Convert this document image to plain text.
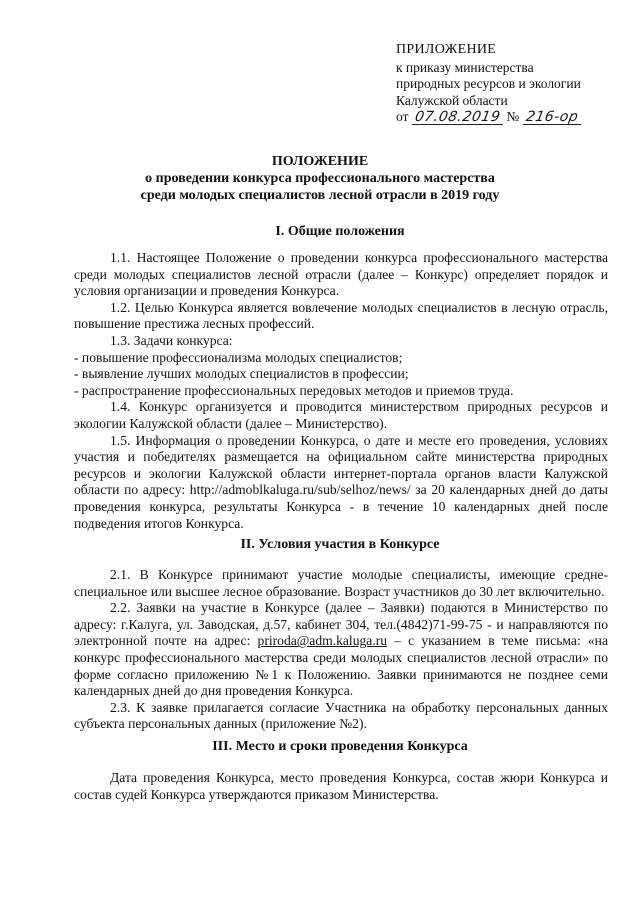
ПРИЛОЖЕНИЕ
к приказу министерства
природных ресурсов и экологии
Калужской области
от 07.08.2019 № 216-ор
ПОЛОЖЕНИЕ
о проведении конкурса профессионального мастерства
среди молодых специалистов лесной отрасли в 2019 году
I. Общие положения

1.1. Настоящее Положение о проведении конкурса профессионального мастерства среди молодых специалистов лесной отрасли (далее – Конкурс) определяет порядок и условия организации и проведения Конкурса.

1.2. Целью Конкурса является вовлечение молодых специалистов в лесную отрасль, повышение престижа лесных профессий.

1.3. Задачи конкурса:

- повышение профессионализма молодых специалистов;

- выявление лучших молодых специалистов в профессии;

- распространение профессиональных передовых методов и приемов труда.

1.4. Конкурс организуется и проводится министерством природных ресурсов и экологии Калужской области (далее – Министерство).

1.5. Информация о проведении Конкурса, о дате и месте его проведения, условиях участия и победителях размещается на официальном сайте министерства природных ресурсов и экологии Калужской области интернет-портала органов власти Калужской области по адресу: http://admoblkaluga.ru/sub/selhoz/news/ за 20 календарных дней до даты проведения конкурса, результаты Конкурса - в течение 10 календарных дней после подведения итогов Конкурса.

II. Условия участия в Конкурсе

2.1. В Конкурсе принимают участие молодые специалисты, имеющие средне-специальное или высшее лесное образование. Возраст участников до 30 лет включительно.

2.2. Заявки на участие в Конкурсе (далее – Заявки) подаются в Министерство по адресу: г.Калуга, ул. Заводская, д.57, кабинет 304, тел.(4842)71-99-75 - и направляются по электронной почте на адрес: priroda@adm.kaluga.ru – с указанием в теме письма: «на конкурс профессионального мастерства среди молодых специалистов лесной отрасли» по форме согласно приложению №1 к Положению. Заявки принимаются не позднее семи календарных дней до дня проведения Конкурса.

2.3. К заявке прилагается согласие Участника на обработку персональных данных субъекта персональных данных (приложение №2).

III. Место и сроки проведения Конкурса

Дата проведения Конкурса, место проведения Конкурса, состав жюри Конкурса и состав судей Конкурса утверждаются приказом Министерства.
